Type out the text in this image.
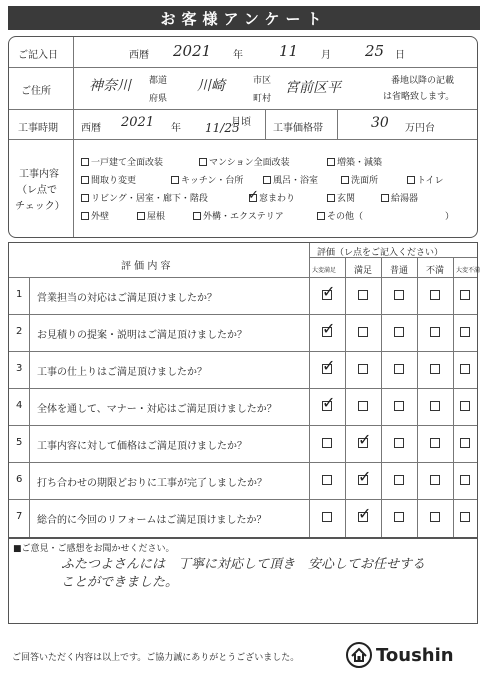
お客様アンケート
ご記入日	西暦 2021 年 11 月 25 日
ご住所	神奈川 都道
府県
川崎	市区
町村
宮前区平	番地以降の記載
は省略致します。
工事時期 西暦 2021 年 11/25
月頃
工事価格帯	30 万円台
工事内容
（レ点で
チェック）
一戸建て全面改装	マンション全面改装	増築・減築
間取り変更	キッチン・台所	風呂・浴室	洗面所	トイレ
リビング・居室・廊下・階段
✓	窓まわり	玄関	給湯器
外壁	屋根	外構・エクステリア	その他（	）
評 価 内 容
評価（レ点をご記入ください）
大変満足 満足 普通 不満 大変不満
1 営業担当の対応はご満足頂けましたか？
✓
2 お見積りの提案・説明はご満足頂けましたか？
✓
3 工事の仕上りはご満足頂けましたか？
✓
4 全体を通して、マナー・対応はご満足頂けましたか？
✓
5 工事内容に対して価格はご満足頂けましたか？
✓
6 打ち合わせの期限どおりに工事が完了しましたか？
✓
7 総合的に今回のリフォームはご満足頂けましたか？
✓
■ご意見・ご感想をお聞かせください。
ふたつよさんには　丁寧に対応して頂き　安心してお任せする
ことができました。
ご回答いただく内容は以上です。ご協力誠にありがとうございました。	Toushin
